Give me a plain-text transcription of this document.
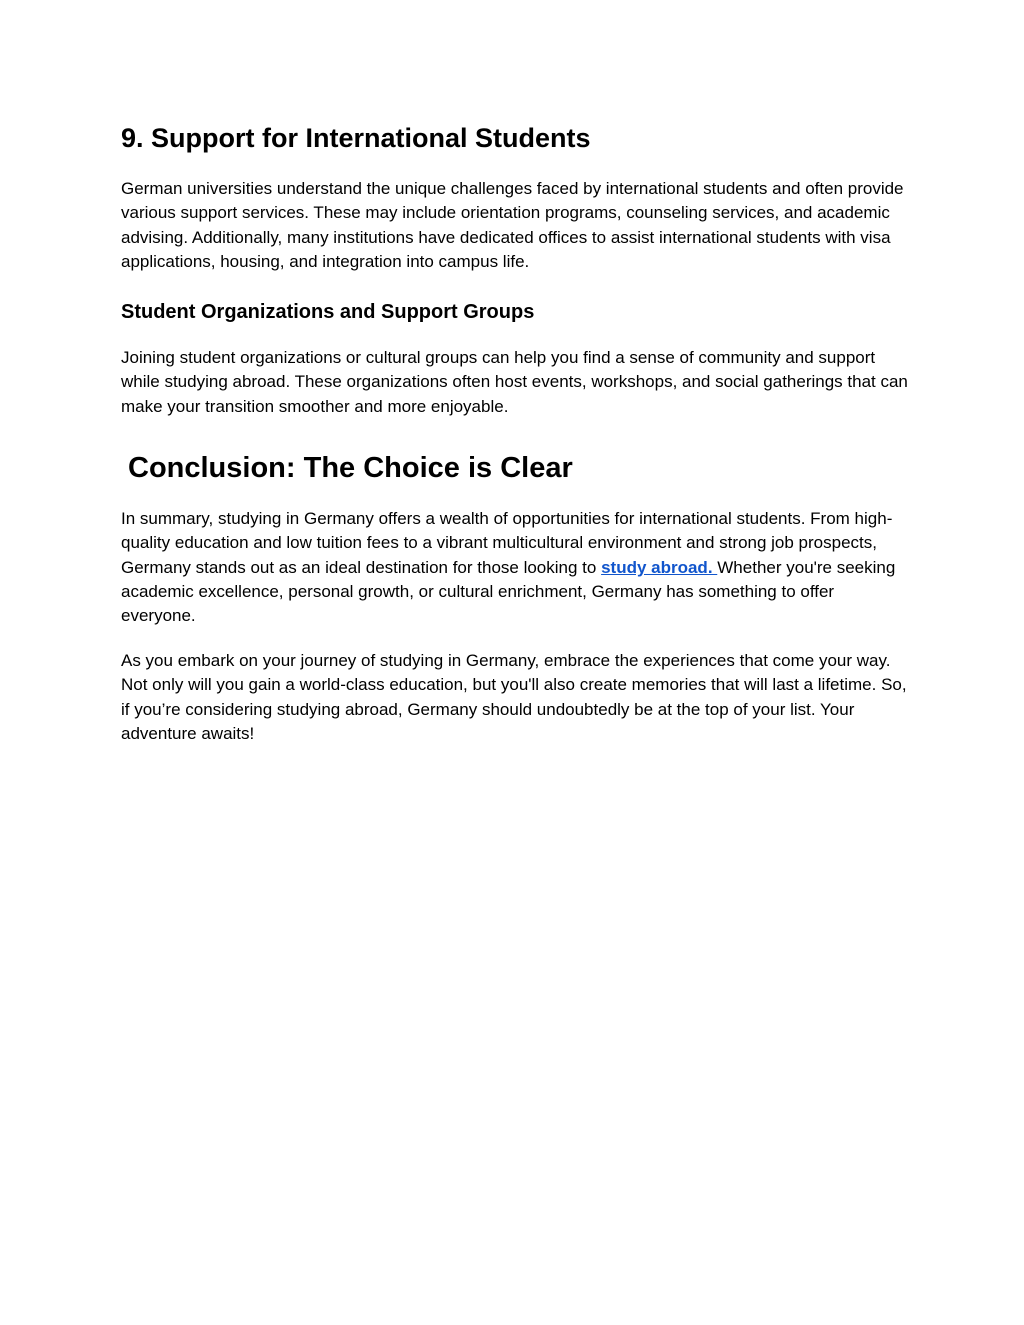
9. Support for International Students

German universities understand the unique challenges faced by international students and often provide various support services. These may include orientation programs, counseling services, and academic advising. Additionally, many institutions have dedicated offices to assist international students with visa applications, housing, and integration into campus life.

Student Organizations and Support Groups

Joining student organizations or cultural groups can help you find a sense of community and support while studying abroad. These organizations often host events, workshops, and social gatherings that can make your transition smoother and more enjoyable.

Conclusion: The Choice is Clear

In summary, studying in Germany offers a wealth of opportunities for international students. From high-quality education and low tuition fees to a vibrant multicultural environment and strong job prospects, Germany stands out as an ideal destination for those looking to study abroad. Whether you're seeking academic excellence, personal growth, or cultural enrichment, Germany has something to offer everyone.

As you embark on your journey of studying in Germany, embrace the experiences that come your way. Not only will you gain a world-class education, but you'll also create memories that will last a lifetime. So, if you’re considering studying abroad, Germany should undoubtedly be at the top of your list. Your adventure awaits!
